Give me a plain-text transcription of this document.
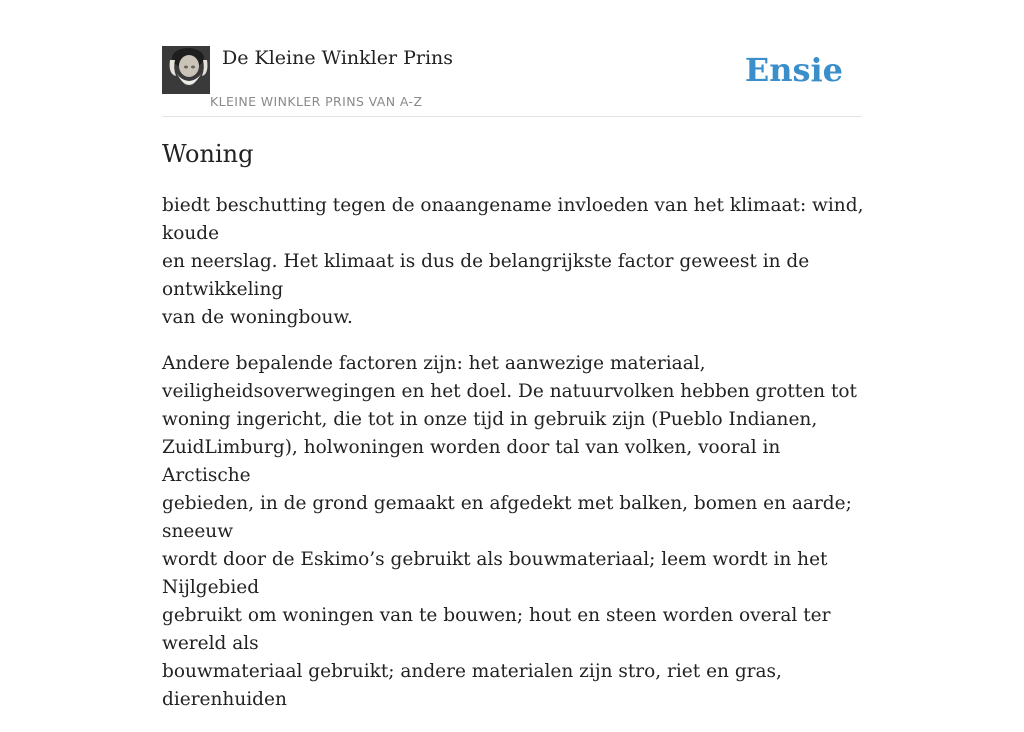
De Kleine Winkler Prins
KLEINE WINKLER PRINS VAN A-Z
Ensie
Woning

biedt beschutting tegen de onaangename invloeden van het klimaat: wind, koude
en neerslag. Het klimaat is dus de belangrijkste factor geweest in de ontwikkeling
van de woningbouw.

Andere bepalende factoren zijn: het aanwezige materiaal,
veiligheidsoverwegingen en het doel. De natuurvolken hebben grotten tot
woning ingericht, die tot in onze tijd in gebruik zijn (Pueblo Indianen,
ZuidLimburg), holwoningen worden door tal van volken, vooral in Arctische
gebieden, in de grond gemaakt en afgedekt met balken, bomen en aarde; sneeuw
wordt door de Eskimo’s gebruikt als bouwmateriaal; leem wordt in het Nijlgebied
gebruikt om woningen van te bouwen; hout en steen worden overal ter wereld als
bouwmateriaal gebruikt; andere materialen zijn stro, riet en gras, dierenhuiden
